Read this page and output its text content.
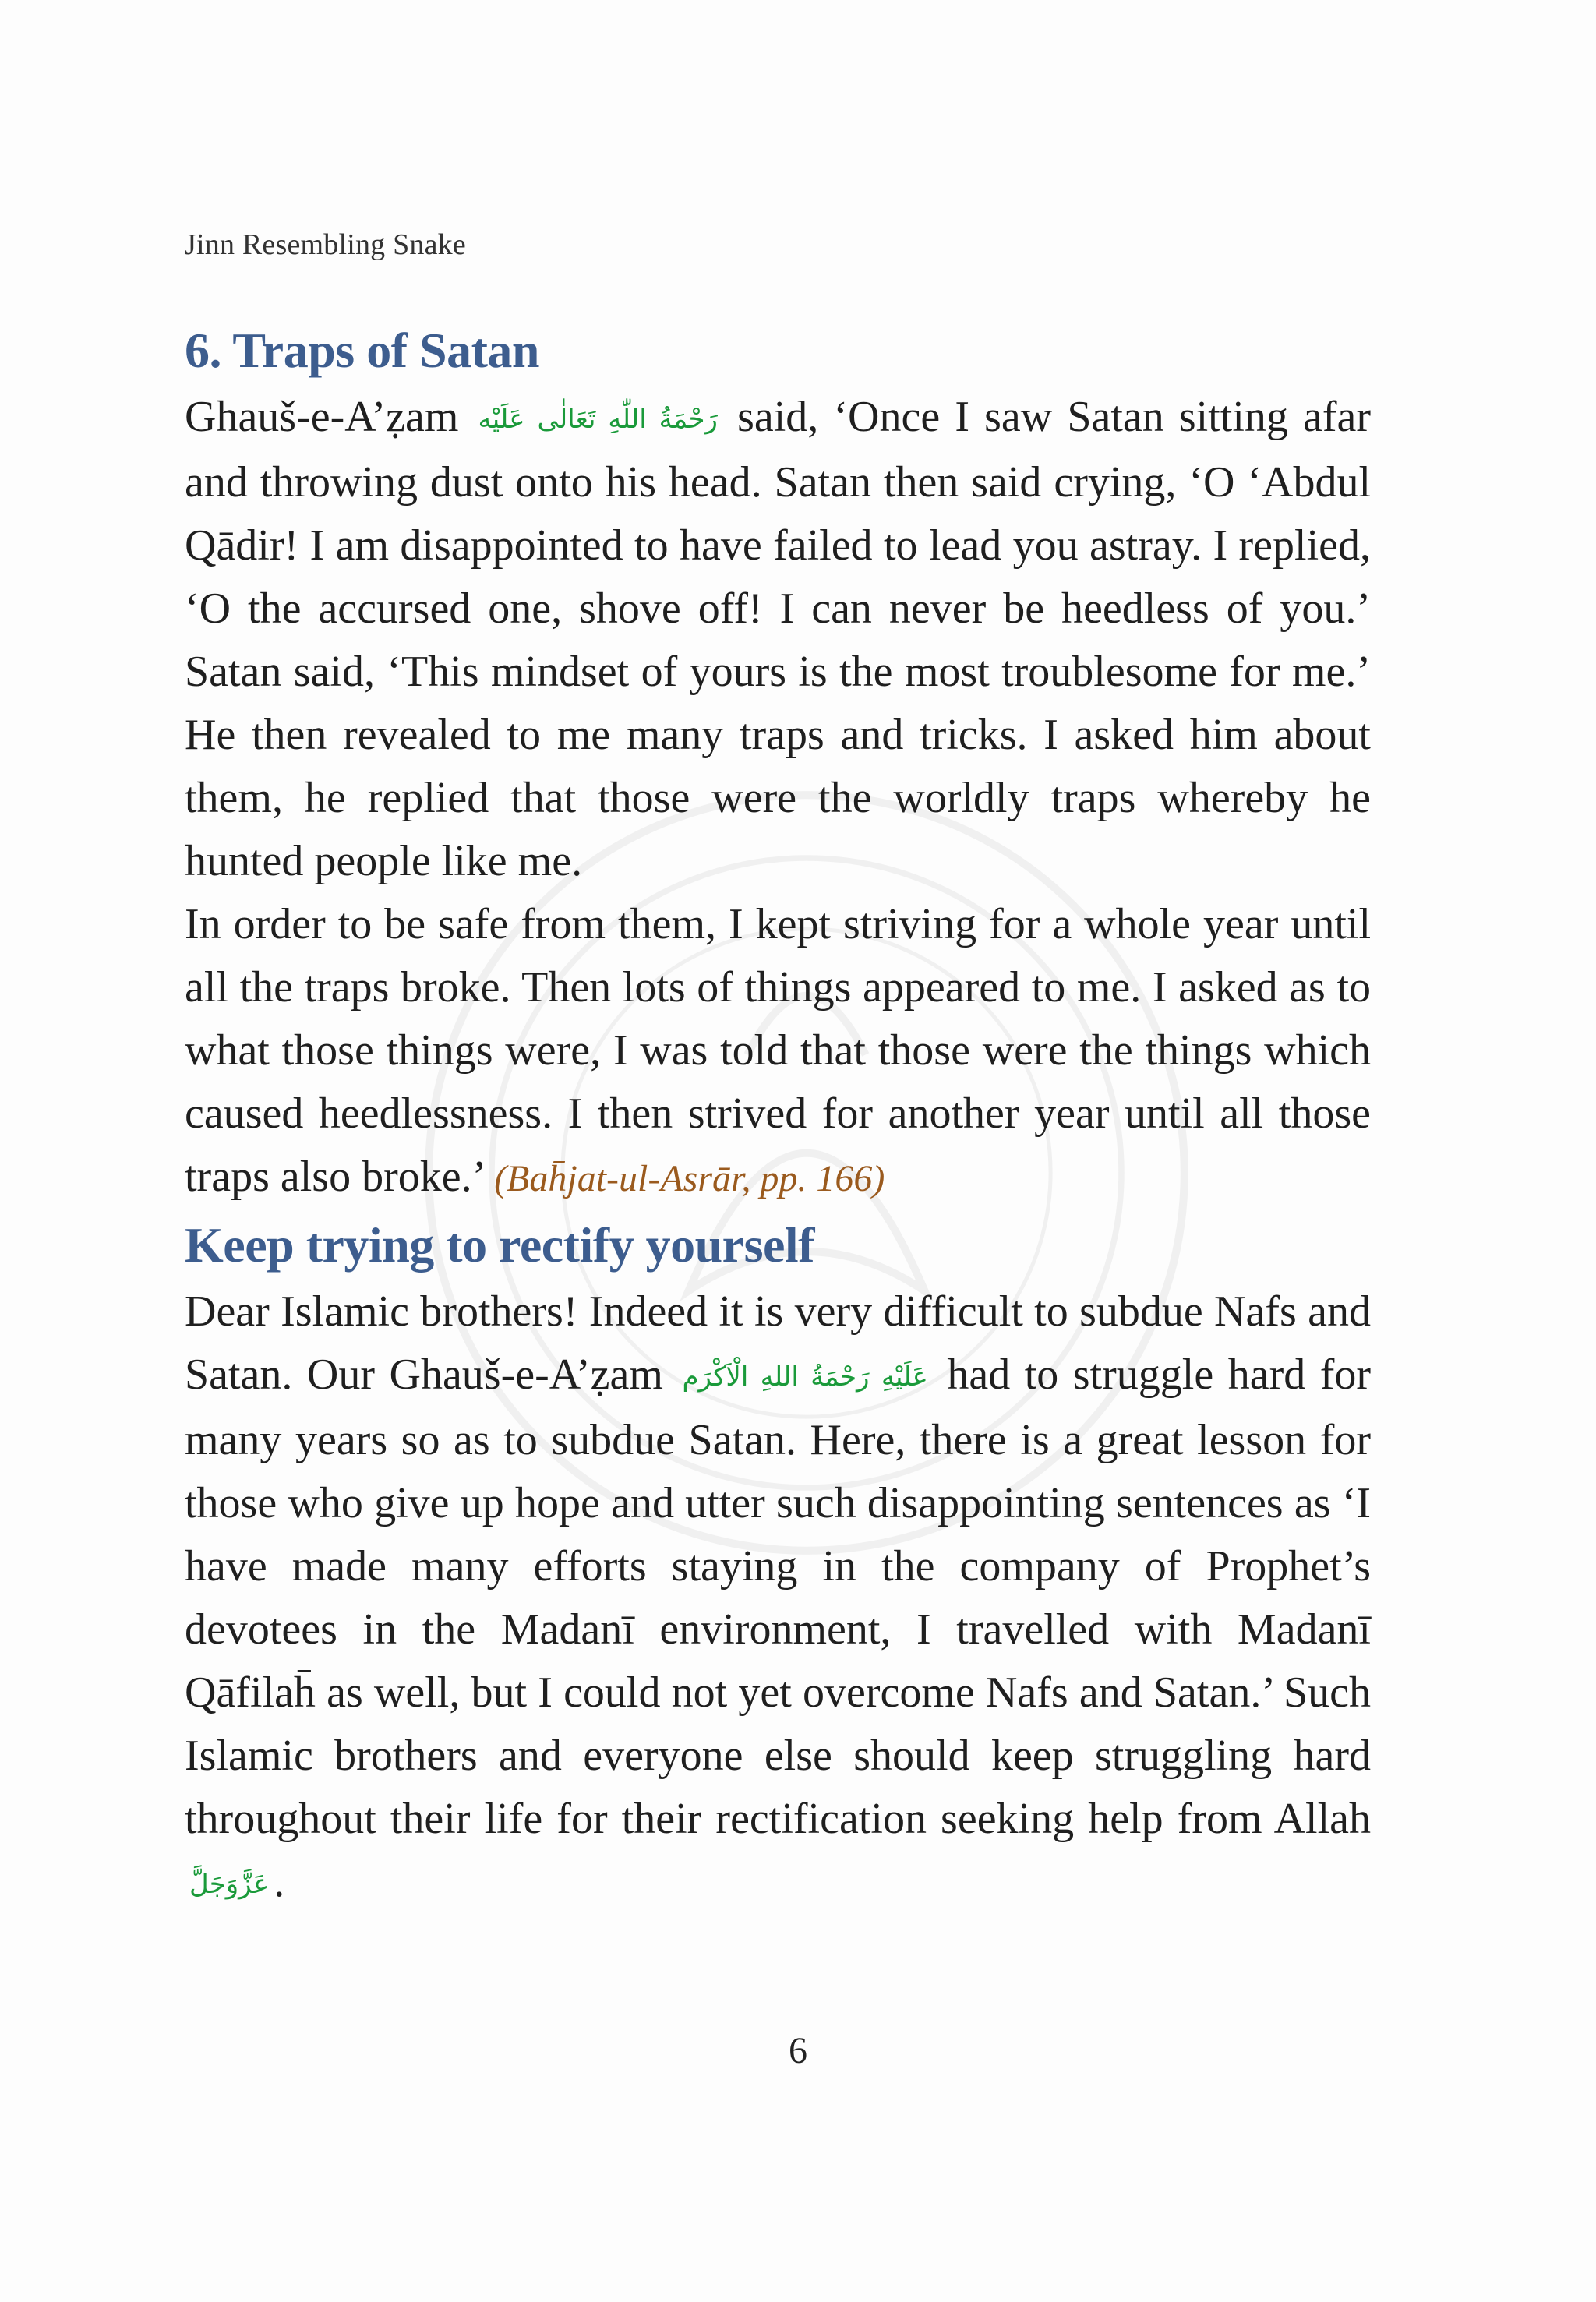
Jinn Resembling Snake
6. Traps of Satan

Ghauš-e-A’ẓam رَحْمَةُ اللّٰهِ تَعَالٰی عَلَیْه said, ‘Once I saw Satan sitting afar and throwing dust onto his head. Satan then said crying, ‘O ‘Abdul Qādir! I am disappointed to have failed to lead you astray. I replied, ‘O the accursed one, shove off! I can never be heedless of you.’ Satan said, ‘This mindset of yours is the most troublesome for me.’ He then revealed to me many traps and tricks. I asked him about them, he replied that those were the worldly traps whereby he hunted people like me.

In order to be safe from them, I kept striving for a whole year until all the traps broke. Then lots of things appeared to me. I asked as to what those things were, I was told that those were the things which caused heedlessness. I then strived for another year until all those traps also broke.’ (Bah̄jat-ul-Asrār, pp. 166)

Keep trying to rectify yourself

Dear Islamic brothers! Indeed it is very difficult to subdue Nafs and Satan. Our Ghauš-e-A’ẓam عَلَيْهِ رَحْمَةُ اللهِ الْاَكْرَم had to struggle hard for many years so as to subdue Satan. Here, there is a great lesson for those who give up hope and utter such disappointing sentences as ‘I have made many efforts staying in the company of Prophet’s devotees in the Madanī environment, I travelled with Madanī Qāfilah̄ as well, but I could not yet overcome Nafs and Satan.’ Such Islamic brothers and everyone else should keep struggling hard throughout their life for their rectification seeking help from Allah عَزَّوَجَلَّ .

6
